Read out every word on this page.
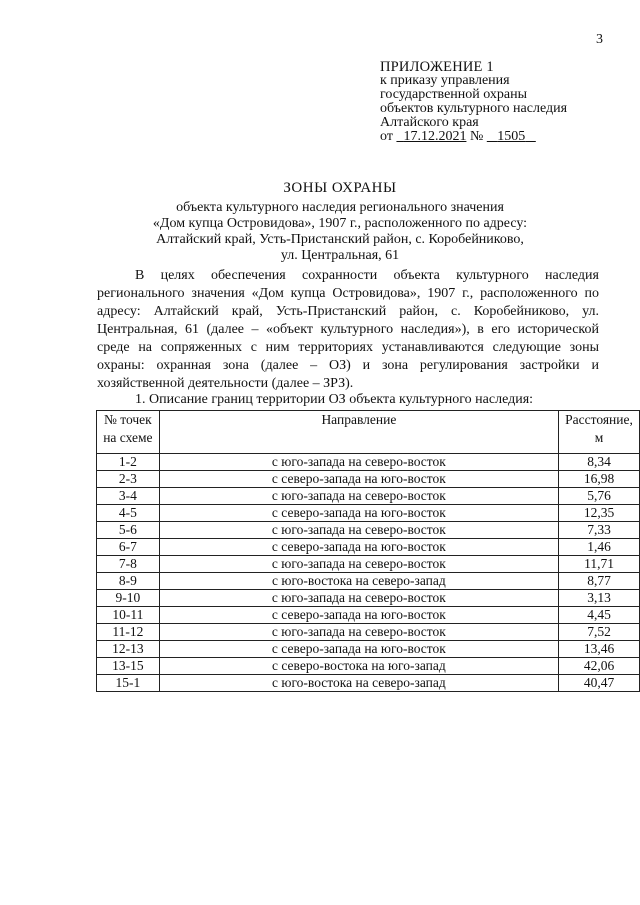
3
ПРИЛОЖЕНИЕ 1
к приказу управления
государственной охраны
объектов культурного наследия
Алтайского края
от 17.12.2021 № 1505
ЗОНЫ ОХРАНЫ
объекта культурного наследия регионального значения
«Дом купца Островидова», 1907 г., расположенного по адресу:
Алтайский край, Усть-Пристанский район, с. Коробейниково,
ул. Центральная, 61
В целях обеспечения сохранности объекта культурного наследия регионального значения «Дом купца Островидова», 1907 г., расположенного по адресу: Алтайский край, Усть-Пристанский район, с. Коробейниково, ул. Центральная, 61 (далее – «объект культурного наследия»), в его исторической среде на сопряженных с ним территориях устанавливаются следующие зоны охраны: охранная зона (далее – ОЗ) и зона регулирования застройки и хозяйственной деятельности (далее – ЗРЗ).
1. Описание границ территории ОЗ объекта культурного наследия:
№ точек на схеме	Направление	Расстояние, м
1-2	с юго-запада на северо-восток	8,34
2-3	с северо-запада на юго-восток	16,98
3-4	с юго-запада на северо-восток	5,76
4-5	с северо-запада на юго-восток	12,35
5-6	с юго-запада на северо-восток	7,33
6-7	с северо-запада на юго-восток	1,46
7-8	с юго-запада на северо-восток	11,71
8-9	с юго-востока на северо-запад	8,77
9-10	с юго-запада на северо-восток	3,13
10-11	с северо-запада на юго-восток	4,45
11-12	с юго-запада на северо-восток	7,52
12-13	с северо-запада на юго-восток	13,46
13-15	с северо-востока на юго-запад	42,06
15-1	с юго-востока на северо-запад	40,47
